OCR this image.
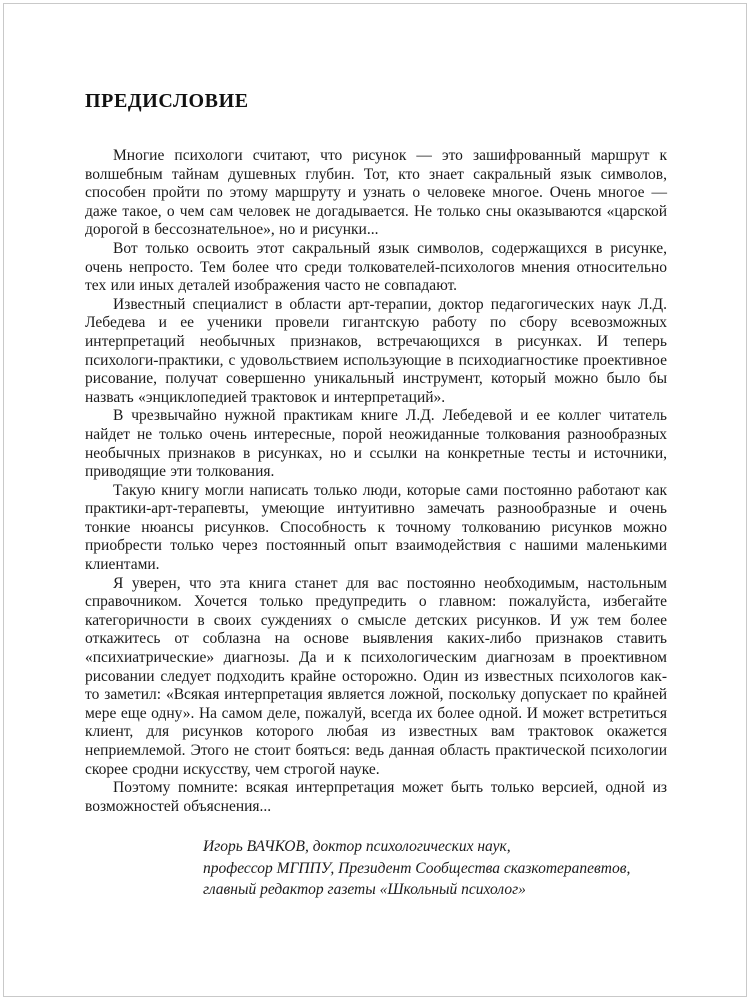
ПРЕДИСЛОВИЕ

Многие психологи считают, что рисунок — это зашифрованный маршрут к волшебным тайнам душевных глубин. Тот, кто знает сакральный язык символов, способен пройти по этому маршруту и узнать о человеке многое. Очень многое — даже такое, о чем сам человек не догадывается. Не только сны оказываются «царской дорогой в бессознательное», но и рисунки...

Вот только освоить этот сакральный язык символов, содержащихся в рисунке, очень непросто. Тем более что среди толкователей-психологов мнения относительно тех или иных деталей изображения часто не совпадают.

Известный специалист в области арт-терапии, доктор педагогических наук Л.Д. Лебедева и ее ученики провели гигантскую работу по сбору всевозможных интерпретаций необычных признаков, встречающихся в рисунках. И теперь психологи-практики, с удовольствием использующие в психодиагностике проективное рисование, получат совершенно уникальный инструмент, который можно было бы назвать «энциклопедией трактовок и интерпретаций».

В чрезвычайно нужной практикам книге Л.Д. Лебедевой и ее коллег читатель найдет не только очень интересные, порой неожиданные толкования разнообразных необычных признаков в рисунках, но и ссылки на конкретные тесты и источники, приводящие эти толкования.

Такую книгу могли написать только люди, которые сами постоянно работают как практики-арт-терапевты, умеющие интуитивно замечать разнообразные и очень тонкие нюансы рисунков. Способность к точному толкованию рисунков можно приобрести только через постоянный опыт взаимодействия с нашими маленькими клиентами.

Я уверен, что эта книга станет для вас постоянно необходимым, настольным справочником. Хочется только предупредить о главном: пожалуйста, избегайте категоричности в своих суждениях о смысле детских рисунков. И уж тем более откажитесь от соблазна на основе выявления каких-либо признаков ставить «психиатрические» диагнозы. Да и к психологическим диагнозам в проективном рисовании следует подходить крайне осторожно. Один из известных психологов как-то заметил: «Всякая интерпретация является ложной, поскольку допускает по крайней мере еще одну». На самом деле, пожалуй, всегда их более одной. И может встретиться клиент, для рисунков которого любая из известных вам трактовок окажется неприемлемой. Этого не стоит бояться: ведь данная область практической психологии скорее сродни искусству, чем строгой науке.

Поэтому помните: всякая интерпретация может быть только версией, одной из возможностей объяснения...

Игорь ВАЧКОВ, доктор психологических наук,

профессор МГППУ, Президент Сообщества сказкотерапевтов,

главный редактор газеты «Школьный психолог»
